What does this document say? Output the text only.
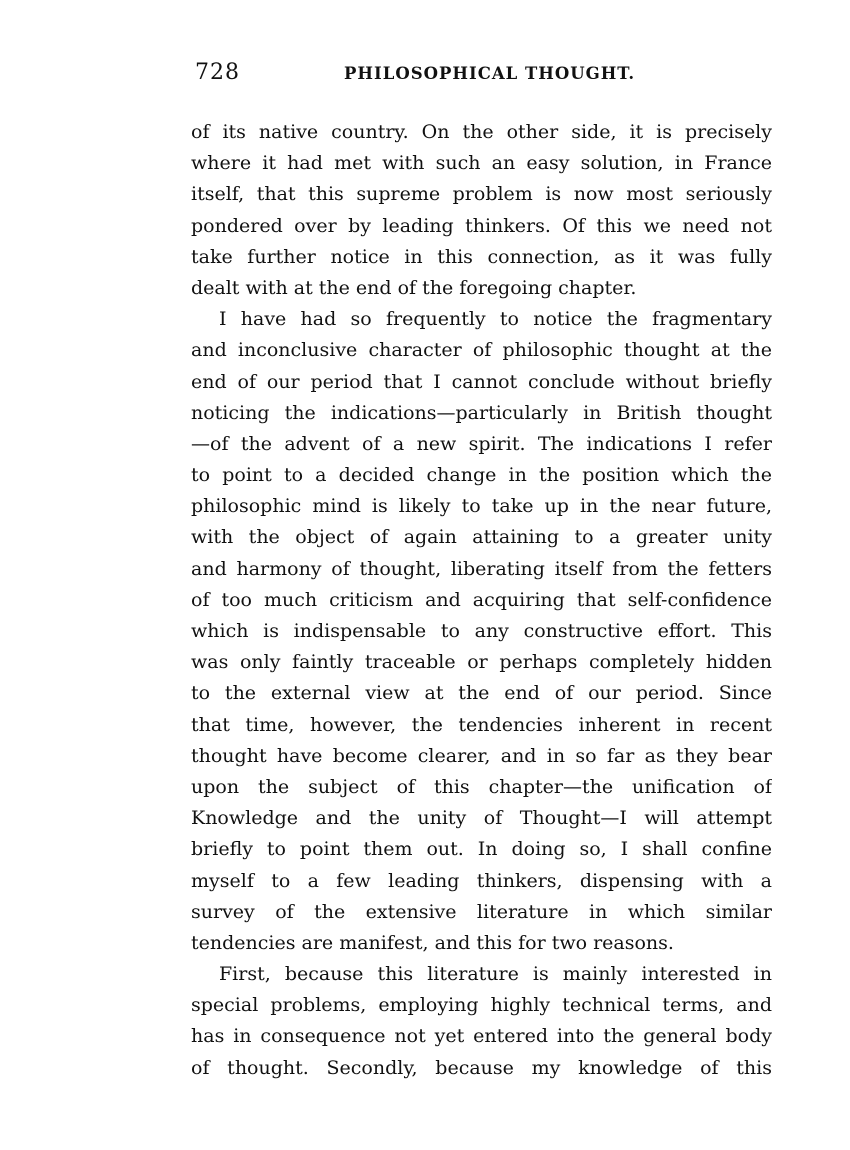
728	PHILOSOPHICAL THOUGHT.
of its native country. On the other side, it is precisely
where it had met with such an easy solution, in France
itself, that this supreme problem is now most seriously
pondered over by leading thinkers. Of this we need not
take further notice in this connection, as it was fully
dealt with at the end of the foregoing chapter.
I have had so frequently to notice the fragmentary
and inconclusive character of philosophic thought at the
end of our period that I cannot conclude without briefly
noticing the indications—particularly in British thought
—of the advent of a new spirit. The indications I refer
to point to a decided change in the position which the
philosophic mind is likely to take up in the near future,
with the object of again attaining to a greater unity
and harmony of thought, liberating itself from the fetters
of too much criticism and acquiring that self-confidence
which is indispensable to any constructive effort. This
was only faintly traceable or perhaps completely hidden
to the external view at the end of our period. Since
that time, however, the tendencies inherent in recent
thought have become clearer, and in so far as they bear
upon the subject of this chapter—the unification of
Knowledge and the unity of Thought—I will attempt
briefly to point them out. In doing so, I shall confine
myself to a few leading thinkers, dispensing with a
survey of the extensive literature in which similar
tendencies are manifest, and this for two reasons.
First, because this literature is mainly interested in
special problems, employing highly technical terms, and
has in consequence not yet entered into the general body
of thought. Secondly, because my knowledge of this
